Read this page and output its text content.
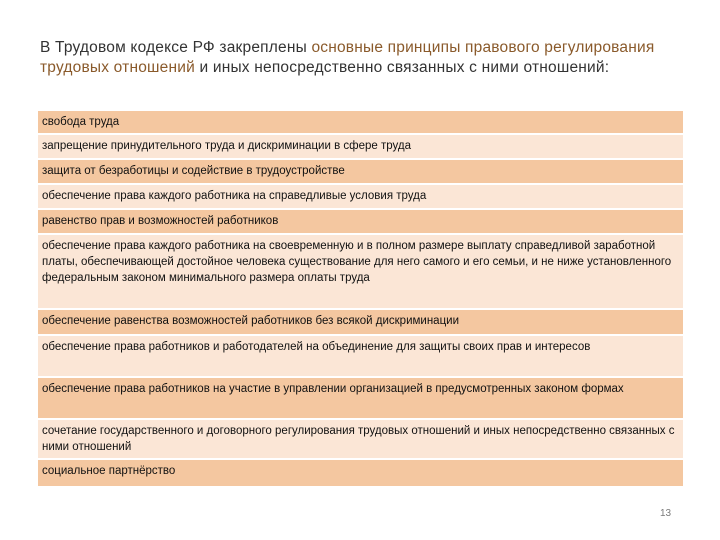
В Трудовом кодексе РФ закреплены основные принципы правового регулирования трудовых отношений и иных непосредственно связанных с ними отношений:
свобода труда
запрещение принудительного труда и дискриминации в сфере труда
защита от безработицы и содействие в трудоустройстве
обеспечение права каждого работника на справедливые условия труда
равенство прав и возможностей работников
обеспечение права каждого работника на своевременную и в полном размере выплату справедливой заработной платы, обеспечивающей достойное человека существование для него самого и его семьи, и не ниже установленного федеральным законом минимального размера оплаты труда
обеспечение равенства возможностей работников без всякой дискриминации
обеспечение права работников и работодателей на объединение для защиты своих прав и интересов
обеспечение права работников на участие в управлении организацией в предусмотренных законом формах
сочетание государственного и договорного регулирования трудовых отношений и иных непосредственно связанных с ними отношений
социальное партнёрство
13
